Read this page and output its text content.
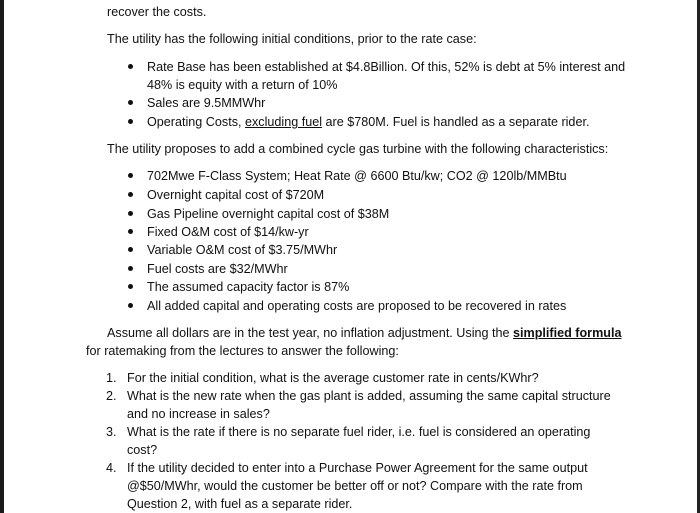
recover the costs.
The utility has the following initial conditions, prior to the rate case:
Rate Base has been established at $4.8Billion. Of this, 52% is debt at 5% interest and
48% is equity with a return of 10%
Sales are 9.5MMWhr
Operating Costs, excluding fuel are $780M. Fuel is handled as a separate rider.
The utility proposes to add a combined cycle gas turbine with the following characteristics:
702Mwe F-Class System; Heat Rate @ 6600 Btu/kw; CO2 @ 120lb/MMBtu
Overnight capital cost of $720M
Gas Pipeline overnight capital cost of $38M
Fixed O&M cost of $14/kw-yr
Variable O&M cost of $3.75/MWhr
Fuel costs are $32/MWhr
The assumed capacity factor is 87%
All added capital and operating costs are proposed to be recovered in rates
Assume all dollars are in the test year, no inflation adjustment. Using the simplified formula
for ratemaking from the lectures to answer the following:
1. For the initial condition, what is the average customer rate in cents/KWhr?
2. What is the new rate when the gas plant is added, assuming the same capital structure
and no increase in sales?
3. What is the rate if there is no separate fuel rider, i.e. fuel is considered an operating
cost?
4. If the utility decided to enter into a Purchase Power Agreement for the same output
@$50/MWhr, would the customer be better off or not? Compare with the rate from
Question 2, with fuel as a separate rider.
